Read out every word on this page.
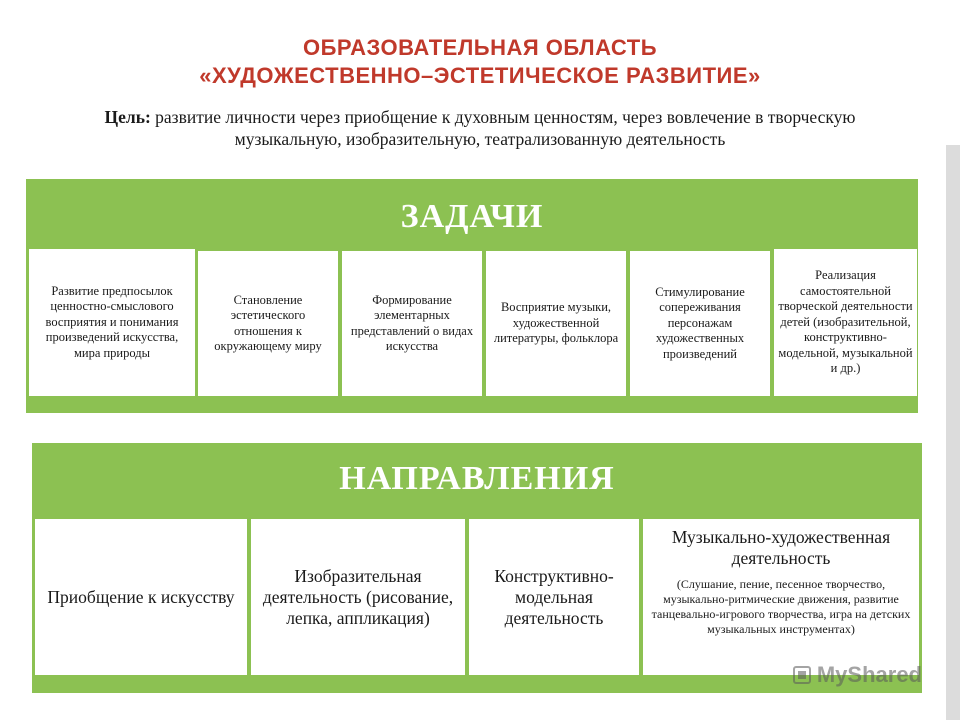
ОБРАЗОВАТЕЛЬНАЯ ОБЛАСТЬ
«ХУДОЖЕСТВЕННО–ЭСТЕТИЧЕСКОЕ РАЗВИТИЕ»
Цель: развитие личности через приобщение к духовным ценностям, через вовлечение в творческую музыкальную, изобразительную, театрализованную деятельность
ЗАДАЧИ
Развитие предпосылок ценностно-смыслового восприятия и понимания произведений искусства, мира природы
Становление эстетического отношения к окружающему миру
Формирование элементарных представлений о видах искусства
Восприятие музыки, художественной литературы, фольклора
Стимулирование сопереживания персонажам художественных произведений
Реализация самостоятельной творческой деятельности детей (изобразительной, конструктивно-модельной, музыкальной и др.)
НАПРАВЛЕНИЯ
Приобщение к искусству
Изобразительная деятельность (рисование, лепка, аппликация)
Конструктивно-модельная деятельность
Музыкально-художественная деятельность
(Слушание, пение, песенное творчество, музыкально-ритмические движения, развитие танцевально-игрового творчества, игра на детских музыкальных инструментах)
MyShared
